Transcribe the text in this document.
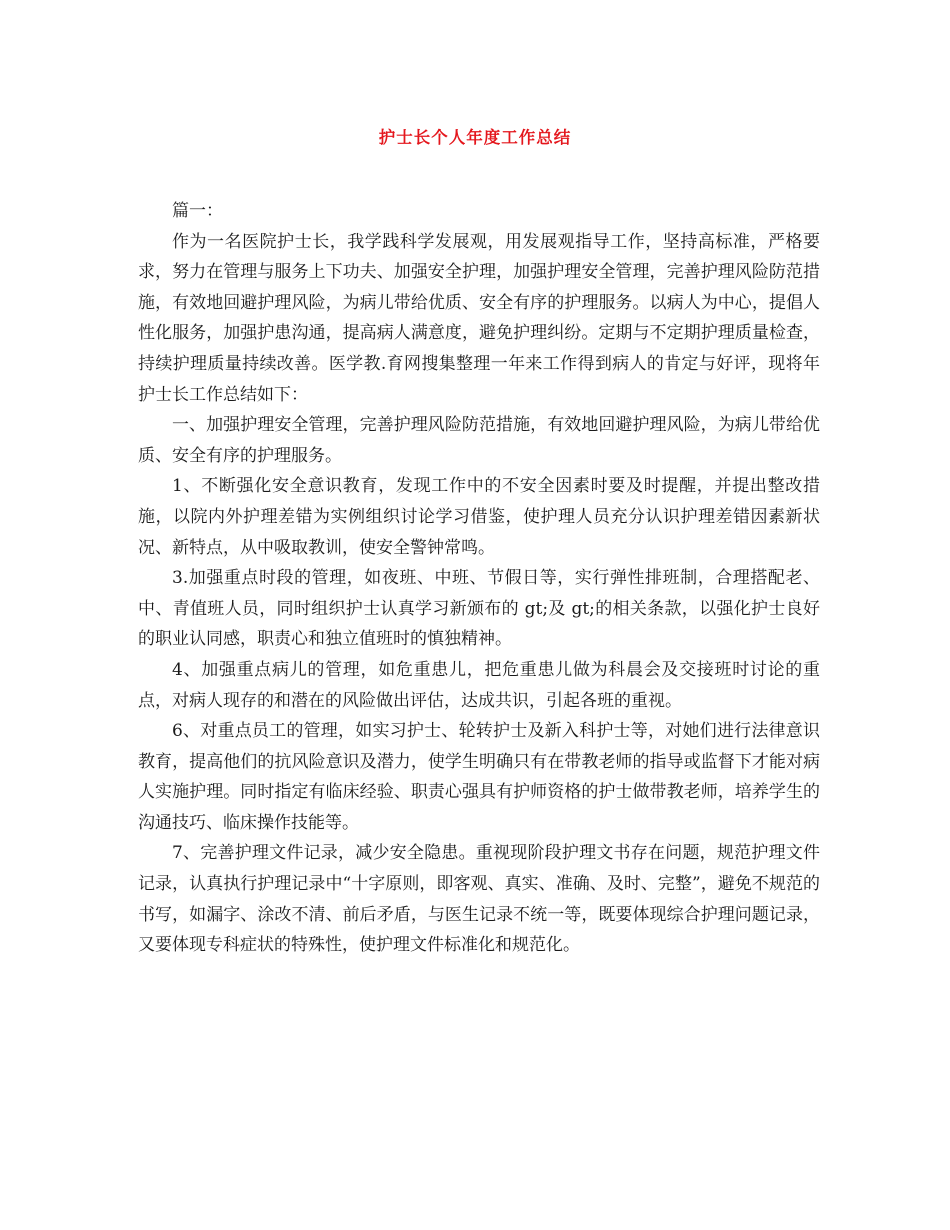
护士长个人年度工作总结

篇一：

作为一名医院护士长，我学践科学发展观，用发展观指导工作，坚持高标准，严格要求，努力在管理与服务上下功夫、加强安全护理，加强护理安全管理，完善护理风险防范措施，有效地回避护理风险，为病儿带给优质、安全有序的护理服务。以病人为中心，提倡人性化服务，加强护患沟通，提高病人满意度，避免护理纠纷。定期与不定期护理质量检查，持续护理质量持续改善。医学教.育网搜集整理一年来工作得到病人的肯定与好评，现将年护士长工作总结如下：

一、加强护理安全管理，完善护理风险防范措施，有效地回避护理风险，为病儿带给优质、安全有序的护理服务。

1、不断强化安全意识教育，发现工作中的不安全因素时要及时提醒，并提出整改措施，以院内外护理差错为实例组织讨论学习借鉴，使护理人员充分认识护理差错因素新状况、新特点，从中吸取教训，使安全警钟常鸣。

3.加强重点时段的管理，如夜班、中班、节假日等，实行弹性排班制，合理搭配老、中、青值班人员，同时组织护士认真学习新颁布的 gt;及 gt;的相关条款，以强化护士良好的职业认同感，职责心和独立值班时的慎独精神。

4、加强重点病儿的管理，如危重患儿，把危重患儿做为科晨会及交接班时讨论的重点，对病人现存的和潜在的风险做出评估，达成共识，引起各班的重视。

6、对重点员工的管理，如实习护士、轮转护士及新入科护士等，对她们进行法律意识教育，提高他们的抗风险意识及潜力，使学生明确只有在带教老师的指导或监督下才能对病人实施护理。同时指定有临床经验、职责心强具有护师资格的护士做带教老师，培养学生的沟通技巧、临床操作技能等。

7、完善护理文件记录，减少安全隐患。重视现阶段护理文书存在问题，规范护理文件记录，认真执行护理记录中“十字原则，即客观、真实、准确、及时、完整”，避免不规范的书写，如漏字、涂改不清、前后矛盾，与医生记录不统一等，既要体现综合护理问题记录，又要体现专科症状的特殊性，使护理文件标准化和规范化。
